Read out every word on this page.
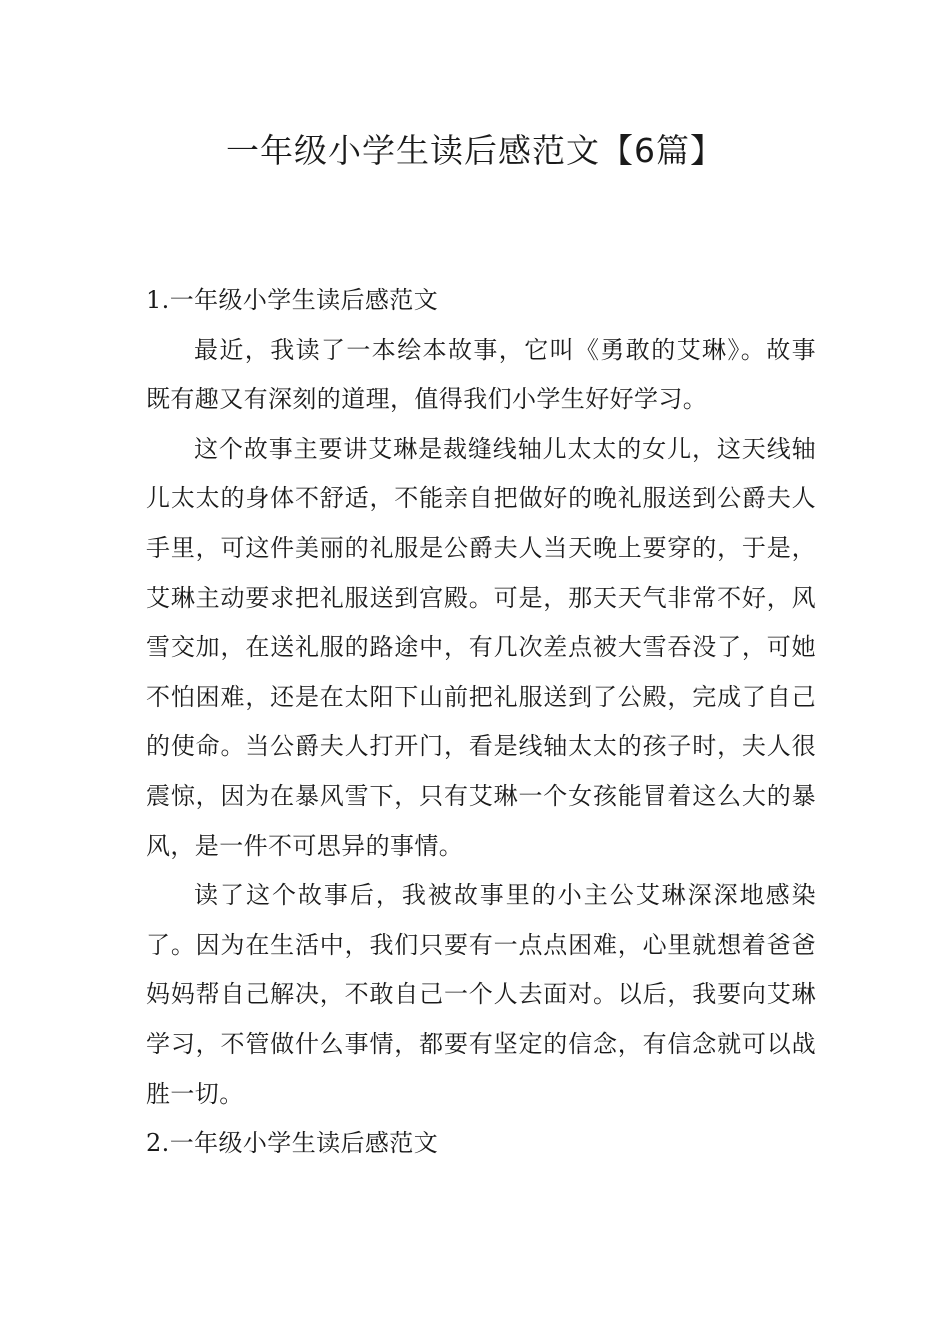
一年级小学生读后感范文【6篇】
1.一年级小学生读后感范文

最近，我读了一本绘本故事，它叫《勇敢的艾琳》。故事既有趣又有深刻的道理，值得我们小学生好好学习。

这个故事主要讲艾琳是裁缝线轴儿太太的女儿，这天线轴儿太太的身体不舒适，不能亲自把做好的晚礼服送到公爵夫人手里，可这件美丽的礼服是公爵夫人当天晚上要穿的，于是，艾琳主动要求把礼服送到宫殿。可是，那天天气非常不好，风雪交加，在送礼服的路途中，有几次差点被大雪吞没了，可她不怕困难，还是在太阳下山前把礼服送到了公殿，完成了自己的使命。当公爵夫人打开门，看是线轴太太的孩子时，夫人很震惊，因为在暴风雪下，只有艾琳一个女孩能冒着这么大的暴风，是一件不可思异的事情。

读了这个故事后，我被故事里的小主公艾琳深深地感染了。因为在生活中，我们只要有一点点困难，心里就想着爸爸妈妈帮自己解决，不敢自己一个人去面对。以后，我要向艾琳学习，不管做什么事情，都要有坚定的信念，有信念就可以战胜一切。

2.一年级小学生读后感范文
